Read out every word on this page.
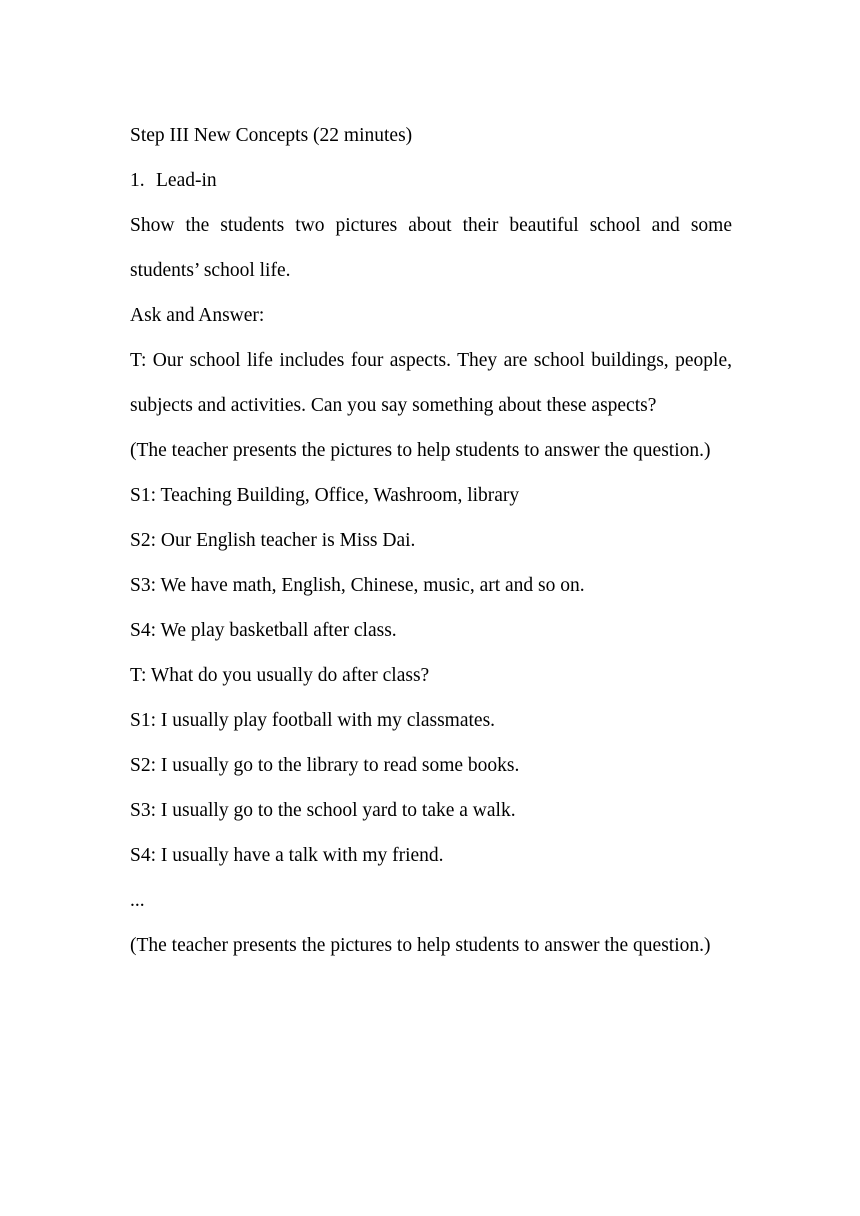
Step III New Concepts (22 minutes)

1. Lead-in

Show the students two pictures about their beautiful school and some students’ school life.

Ask and Answer:

T: Our school life includes four aspects. They are school buildings, people, subjects and activities. Can you say something about these aspects?

(The teacher presents the pictures to help students to answer the question.)

S1: Teaching Building, Office, Washroom, library

S2: Our English teacher is Miss Dai.

S3: We have math, English, Chinese, music, art and so on.

S4: We play basketball after class.

T: What do you usually do after class?

S1: I usually play football with my classmates.

S2: I usually go to the library to read some books.

S3: I usually go to the school yard to take a walk.

S4: I usually have a talk with my friend.

...

(The teacher presents the pictures to help students to answer the question.)
